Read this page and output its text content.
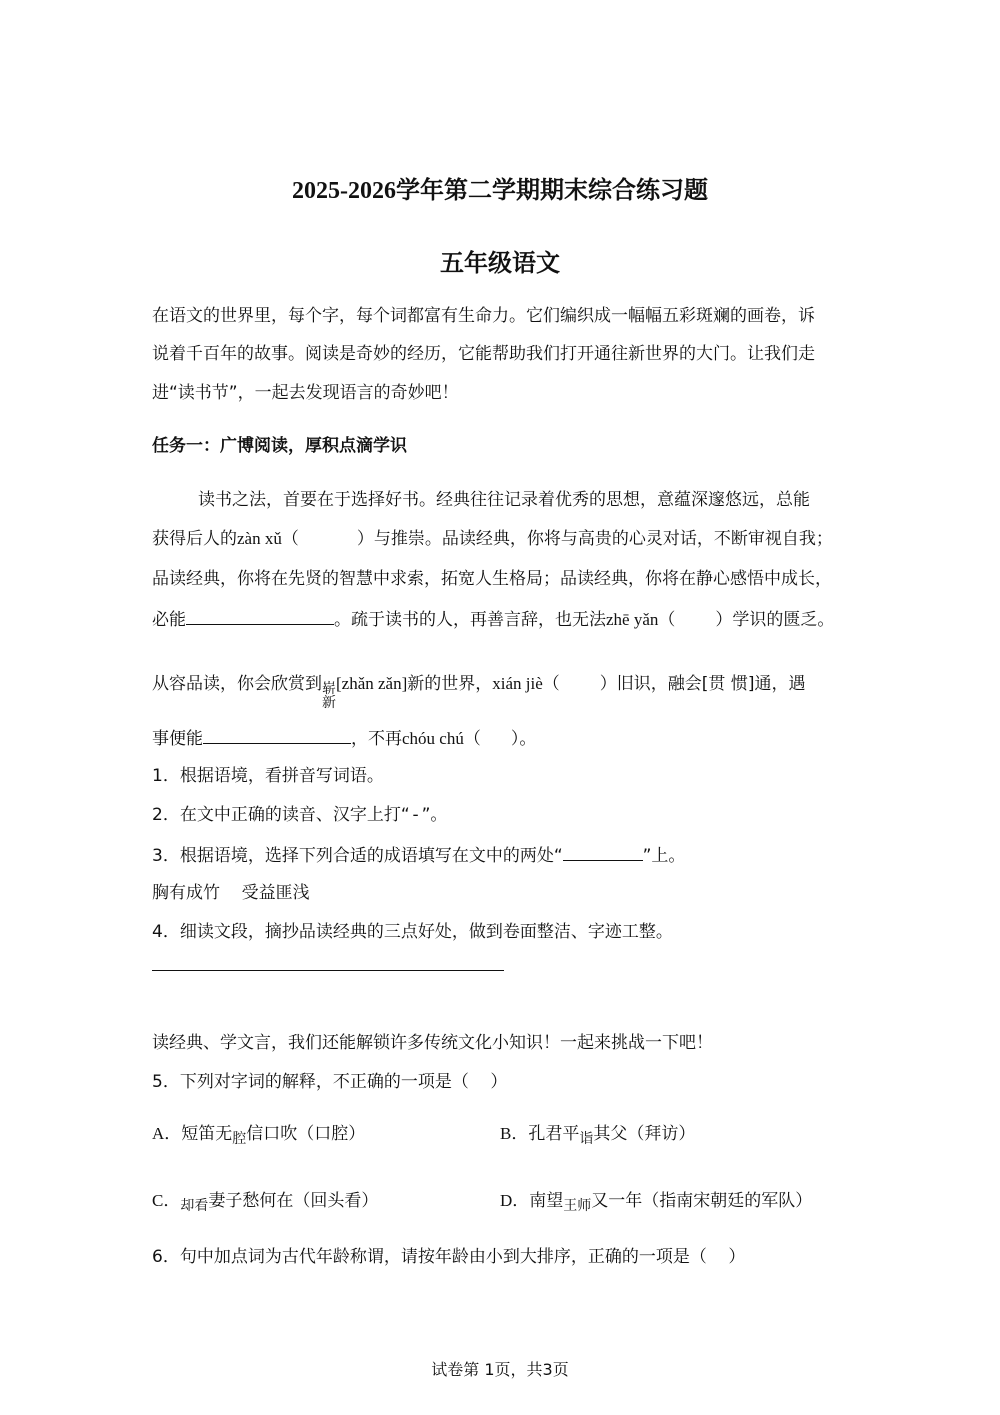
2025-2026学年第二学期期末综合练习题
五年级语文
在语文的世界里，每个字，每个词都富有生命力。它们编织成一幅幅五彩斑斓的画卷，诉
说着千百年的故事。阅读是奇妙的经历，它能帮助我们打开通往新世界的大门。让我们走
进“读书节”，一起去发现语言的奇妙吧！
任务一：广博阅读，厚积点滴学识
读书之法，首要在于选择好书。经典往往记录着优秀的思想，意蕴深邃悠远，总能
获得后人的zàn xǔ（	）与推崇。品读经典，你将与高贵的心灵对话，不断审视自我；
品读经典，你将在先贤的智慧中求索，拓宽人生格局；品读经典，你将在静心感悟中成长，
必能	。疏于读书的人，再善言辞，也无法zhē yǎn（ ）学识的匮乏。
从容品读，你会欣赏到 崭
新
[zhǎn zǎn]新的世界，xián jiè（ ）旧识，融会[贯 惯]通，遇
事便能	，不再chóu chú（ ）。
1．根据语境，看拼音写词语。
2．在文中正确的读音、汉字上打“ - ”。
3．根据语境，选择下列合适的成语填写在文中的两处“	”上。
胸有成竹    受益匪浅
4．细读文段，摘抄品读经典的三点好处，做到卷面整洁、字迹工整。
读经典、学文言，我们还能解锁许多传统文化小知识！一起来挑战一下吧！
5．下列对字词的解释，不正确的一项是（    ）
A．短笛无 腔 信口吹（口腔）	B．孔君平 诣 其父（拜访）
C． 却 看 妻子愁何在（回头看）	D．南望 王 师 又一年（指南宋朝廷的军队）
6．句中加点词为古代年龄称谓，请按年龄由小到大排序，正确的一项是（    ）
试卷第 1页，共3页
